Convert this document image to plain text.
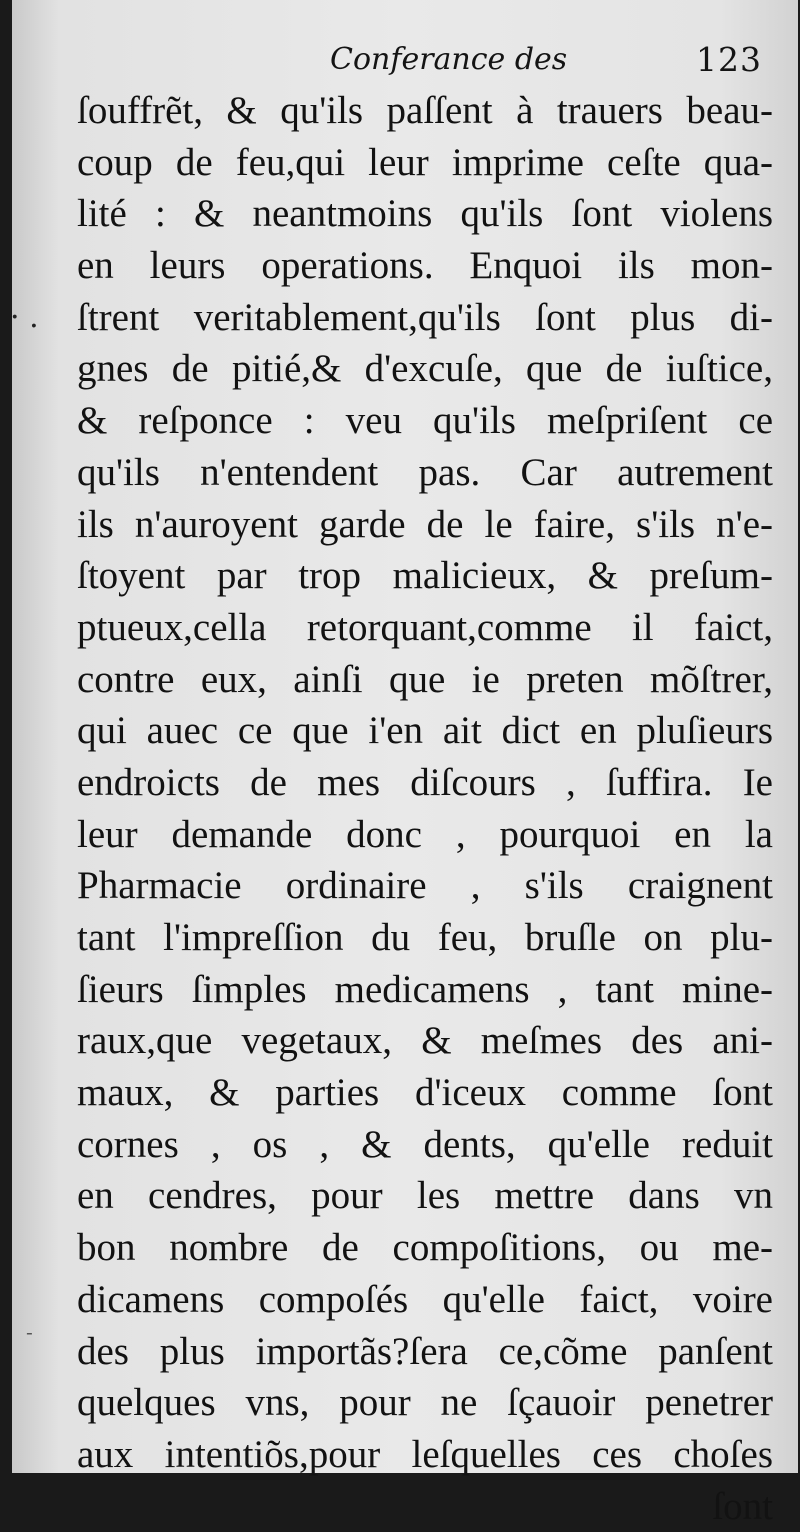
Conferance des	123
· .
-
ſouffrẽt, & qu'ils paſſent à trauers beau-
coup de feu,qui leur imprime ceſte qua-
lité : & neantmoins qu'ils ſont violens
en leurs operations. Enquoi ils mon-
ſtrent veritablement,qu'ils ſont plus di-
gnes de pitié,& d'excuſe, que de iuſtice,
& reſponce : veu qu'ils meſpriſent ce
qu'ils n'entendent pas. Car autrement
ils n'auroyent garde de le faire, s'ils n'e-
ſtoyent par trop malicieux, & preſum-
ptueux,cella retorquant,comme il faict,
contre eux, ainſi que ie preten mõſtrer,
qui auec ce que i'en ait dict en pluſieurs
endroicts de mes diſcours , ſuffira. Ie
leur demande donc , pourquoi en la
Pharmacie ordinaire , s'ils craignent
tant l'impreſſion du feu, bruſle on plu-
ſieurs ſimples medicamens , tant mine-
raux,que vegetaux, & meſmes des ani-
maux, & parties d'iceux comme ſont
cornes , os , & dents, qu'elle reduit
en cendres, pour les mettre dans vn
bon nombre de compoſitions, ou me-
dicamens compoſés qu'elle faict, voire
des plus importãs?ſera ce,cõme panſent
quelques vns, pour ne ſçauoir penetrer
aux intentiõs,pour leſquelles ces choſes
ſont
